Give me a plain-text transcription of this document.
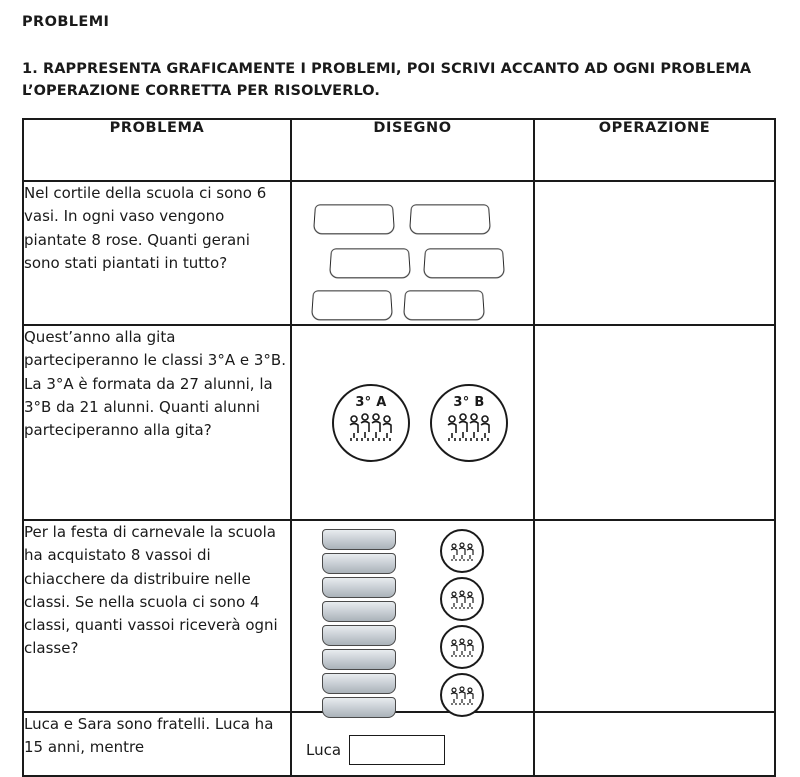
PROBLEMI
1. RAPPRESENTA GRAFICAMENTE I PROBLEMI, POI SCRIVI ACCANTO AD OGNI PROBLEMA L’OPERAZIONE CORRETTA PER RISOLVERLO.
PROBLEMA	DISEGNO	OPERAZIONE
Nel cortile della scuola ci sono 6 vasi. In ogni vaso vengono piantate 8 rose. Quanti gerani sono stati piantati in tutto?	

Quest’anno alla gita parteciperanno le classi 3°A e 3°B. La 3°A è formata da 27 alunni, la 3°B da 21 alunni. Quanti alunni parteciperanno alla gita?	3° A 3° B	

Per la festa di carnevale la scuola ha acquistato 8 vassoi di chiacchere da distribuire nelle classi. Se nella scuola ci sono 4 classi, quanti vassoi riceverà ogni classe?	

Luca e Sara sono fratelli. Luca ha 15 anni, mentre	Luca	
